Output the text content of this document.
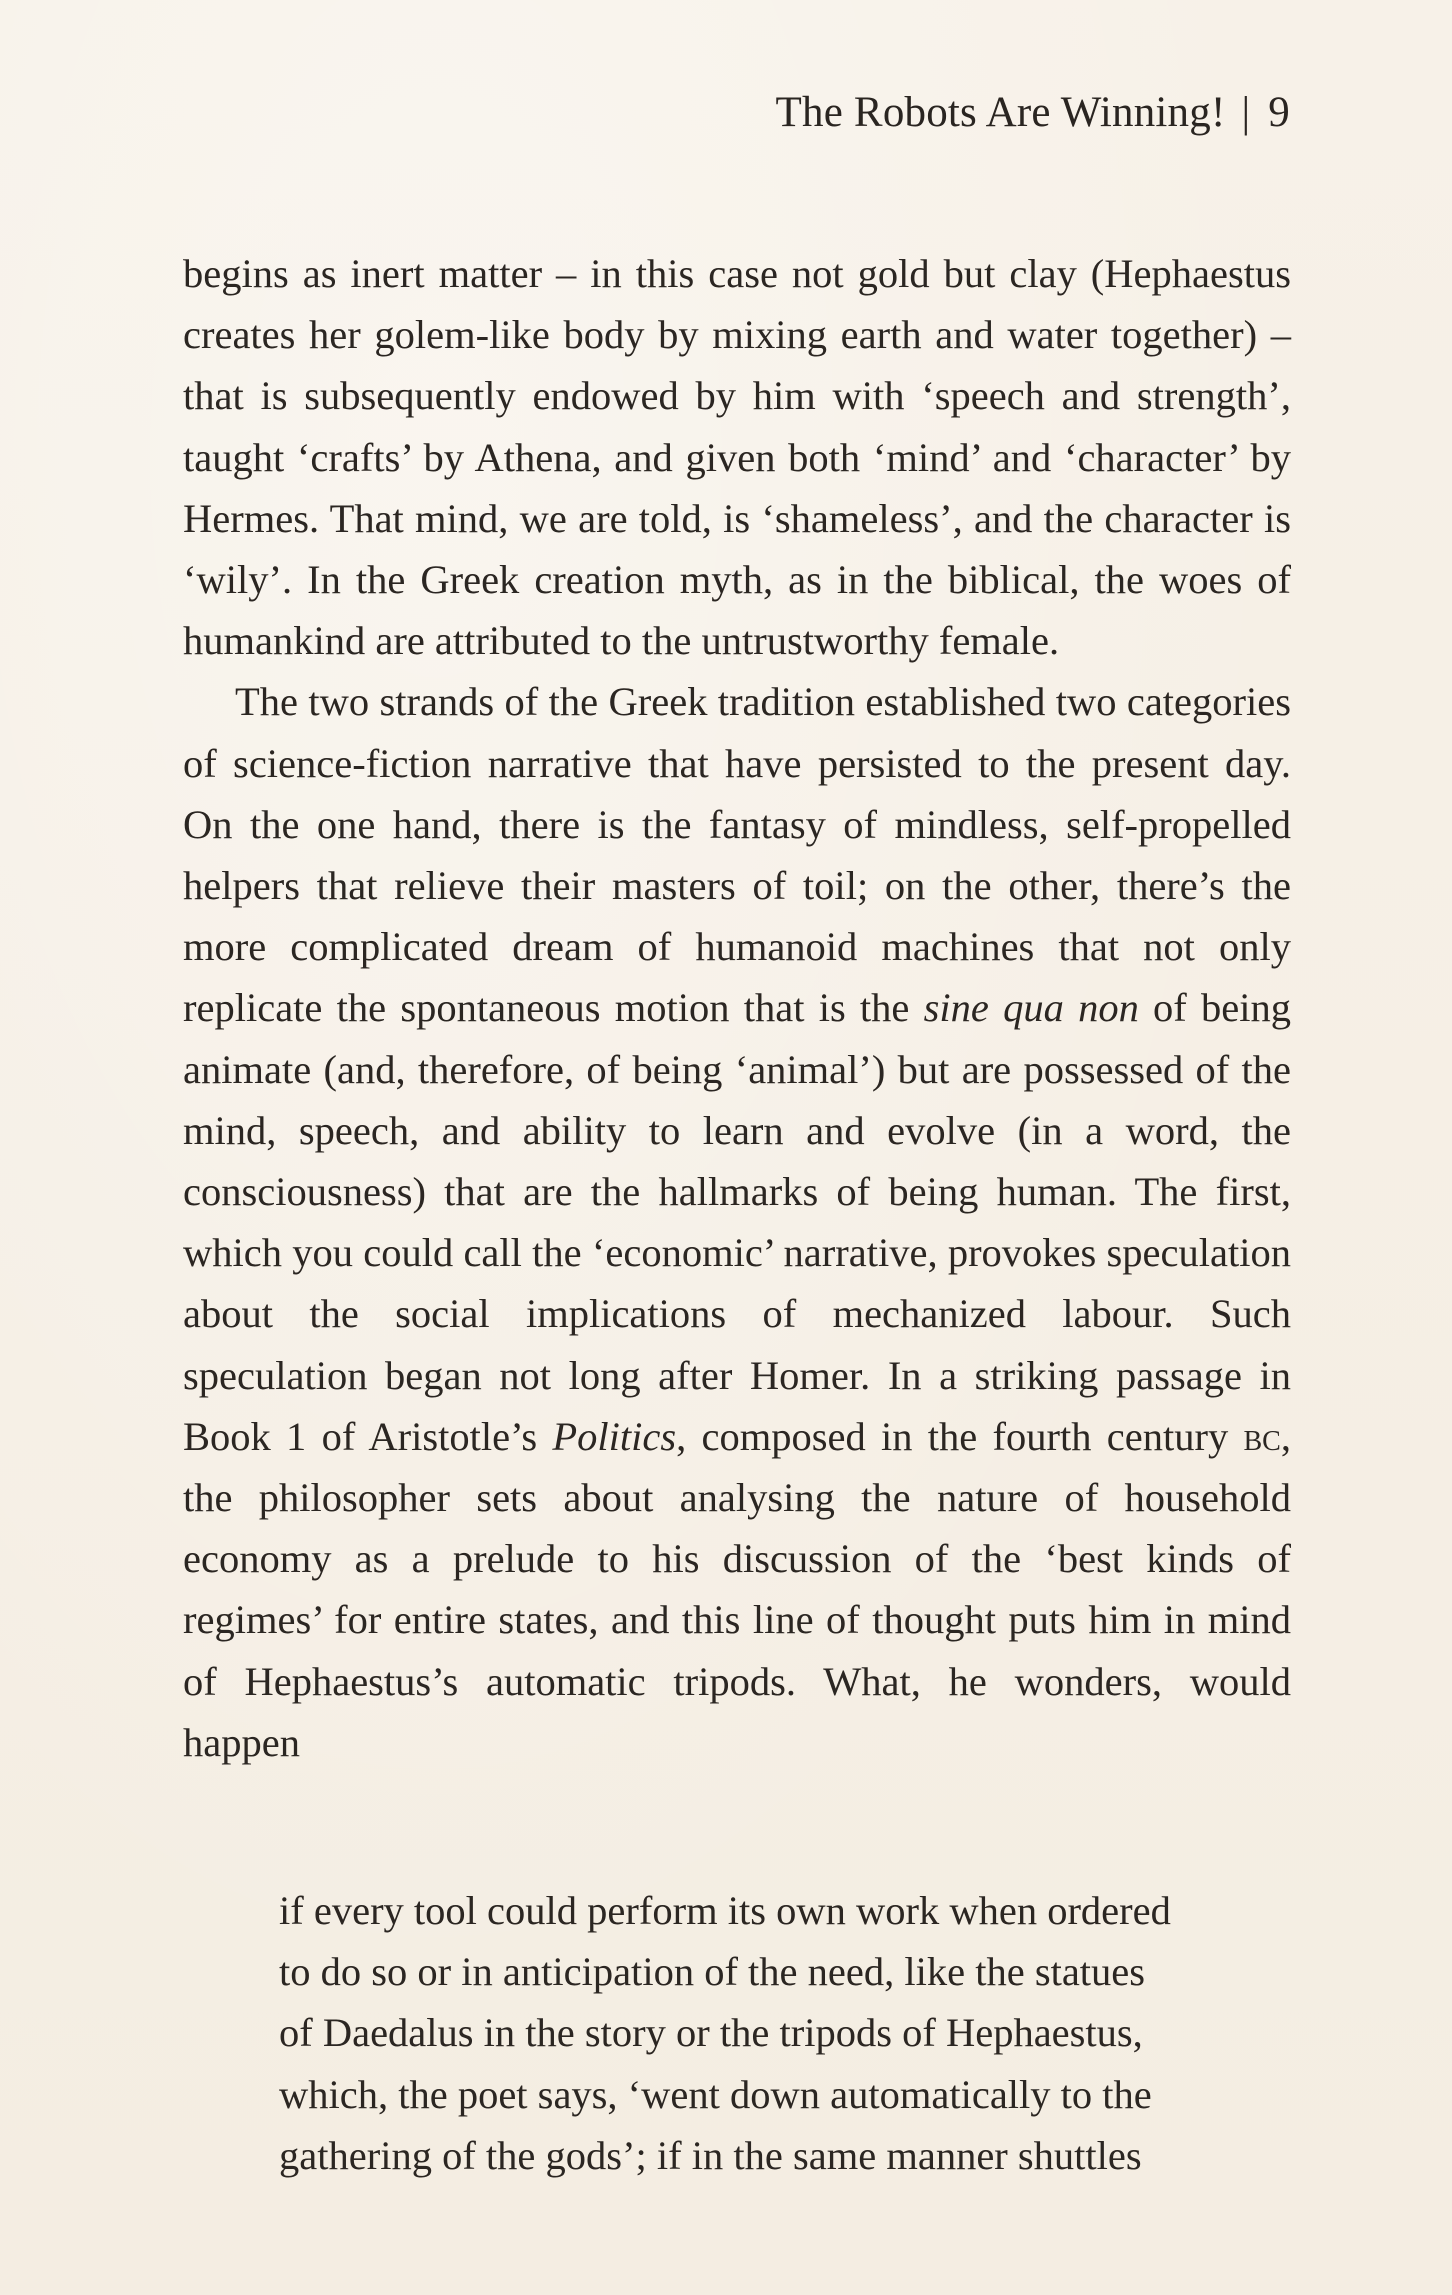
The Robots Are Winning! | 9

begins as inert matter – in this case not gold but clay (Hephaestus creates her golem-like body by mixing earth and water together) – that is subsequently endowed by him with ‘speech and strength’, taught ‘crafts’ by Athena, and given both ‘mind’ and ‘character’ by Hermes. That mind, we are told, is ‘shameless’, and the character is ‘wily’. In the Greek creation myth, as in the biblical, the woes of humankind are attributed to the untrustworthy female.

The two strands of the Greek tradition established two categories of science-fiction narrative that have persisted to the present day. On the one hand, there is the fantasy of mindless, self-propelled helpers that relieve their masters of toil; on the other, there’s the more complicated dream of humanoid machines that not only replicate the spontaneous motion that is the sine qua non of being animate (and, therefore, of being ‘animal’) but are possessed of the mind, speech, and ability to learn and evolve (in a word, the consciousness) that are the hallmarks of being human. The first, which you could call the ‘economic’ narrative, provokes speculation about the social implications of mechanized labour. Such speculation began not long after Homer. In a striking passage in Book 1 of Aristotle’s Politics, composed in the fourth century bc, the philosopher sets about analysing the nature of household economy as a prelude to his discussion of the ‘best kinds of regimes’ for entire states, and this line of thought puts him in mind of Hephaestus’s automatic tripods. What, he wonders, would happen

if every tool could perform its own work when ordered
to do so or in anticipation of the need, like the statues
of Daedalus in the story or the tripods of Hephaestus,
which, the poet says, ‘went down automatically to the
gathering of the gods’; if in the same manner shuttles
